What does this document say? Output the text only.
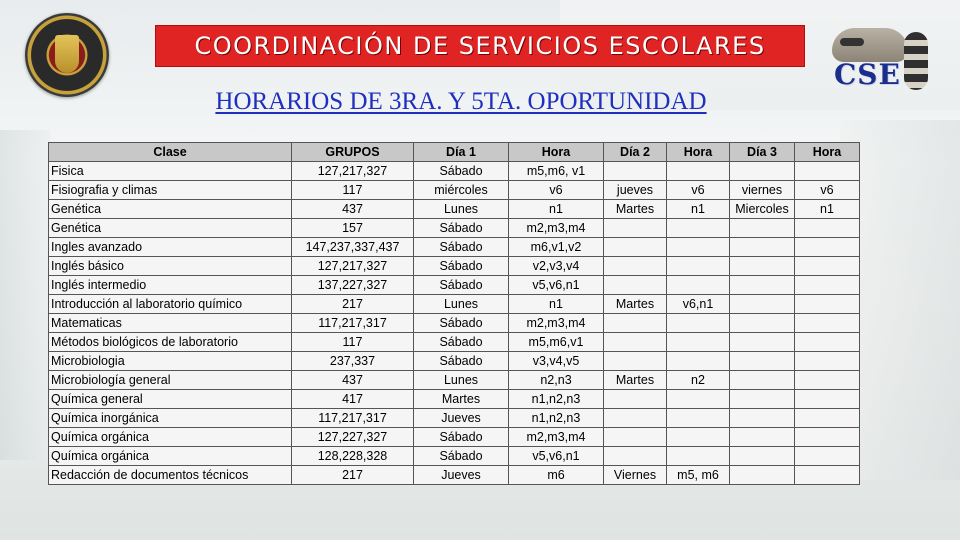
COORDINACIÓN DE SERVICIOS ESCOLARES
CSE
HORARIOS DE 3RA. Y 5TA. OPORTUNIDAD
Clase	GRUPOS	Día 1	Hora	Día 2	Hora	Día 3	Hora
Fisica	127,217,327	Sábado	m5,m6, v1				
Fisiografia y climas	117	miércoles	v6	jueves	v6	viernes	v6
Genética	437	Lunes	n1	Martes	n1	Miercoles	n1
Genética	157	Sábado	m2,m3,m4				
Ingles avanzado	147,237,337,437	Sábado	m6,v1,v2				
Inglés básico	127,217,327	Sábado	v2,v3,v4				
Inglés intermedio	137,227,327	Sábado	v5,v6,n1				
Introducción al laboratorio químico	217	Lunes	n1	Martes	v6,n1		
Matematicas	117,217,317	Sábado	m2,m3,m4				
Métodos biológicos de laboratorio	117	Sábado	m5,m6,v1				
Microbiologia	237,337	Sábado	v3,v4,v5				
Microbiología general	437	Lunes	n2,n3	Martes	n2		
Química general	417	Martes	n1,n2,n3				
Química inorgánica	117,217,317	Jueves	n1,n2,n3				
Química orgánica	127,227,327	Sábado	m2,m3,m4				
Química orgánica	128,228,328	Sábado	v5,v6,n1				
Redacción de documentos técnicos	217	Jueves	m6	Viernes	m5, m6		
